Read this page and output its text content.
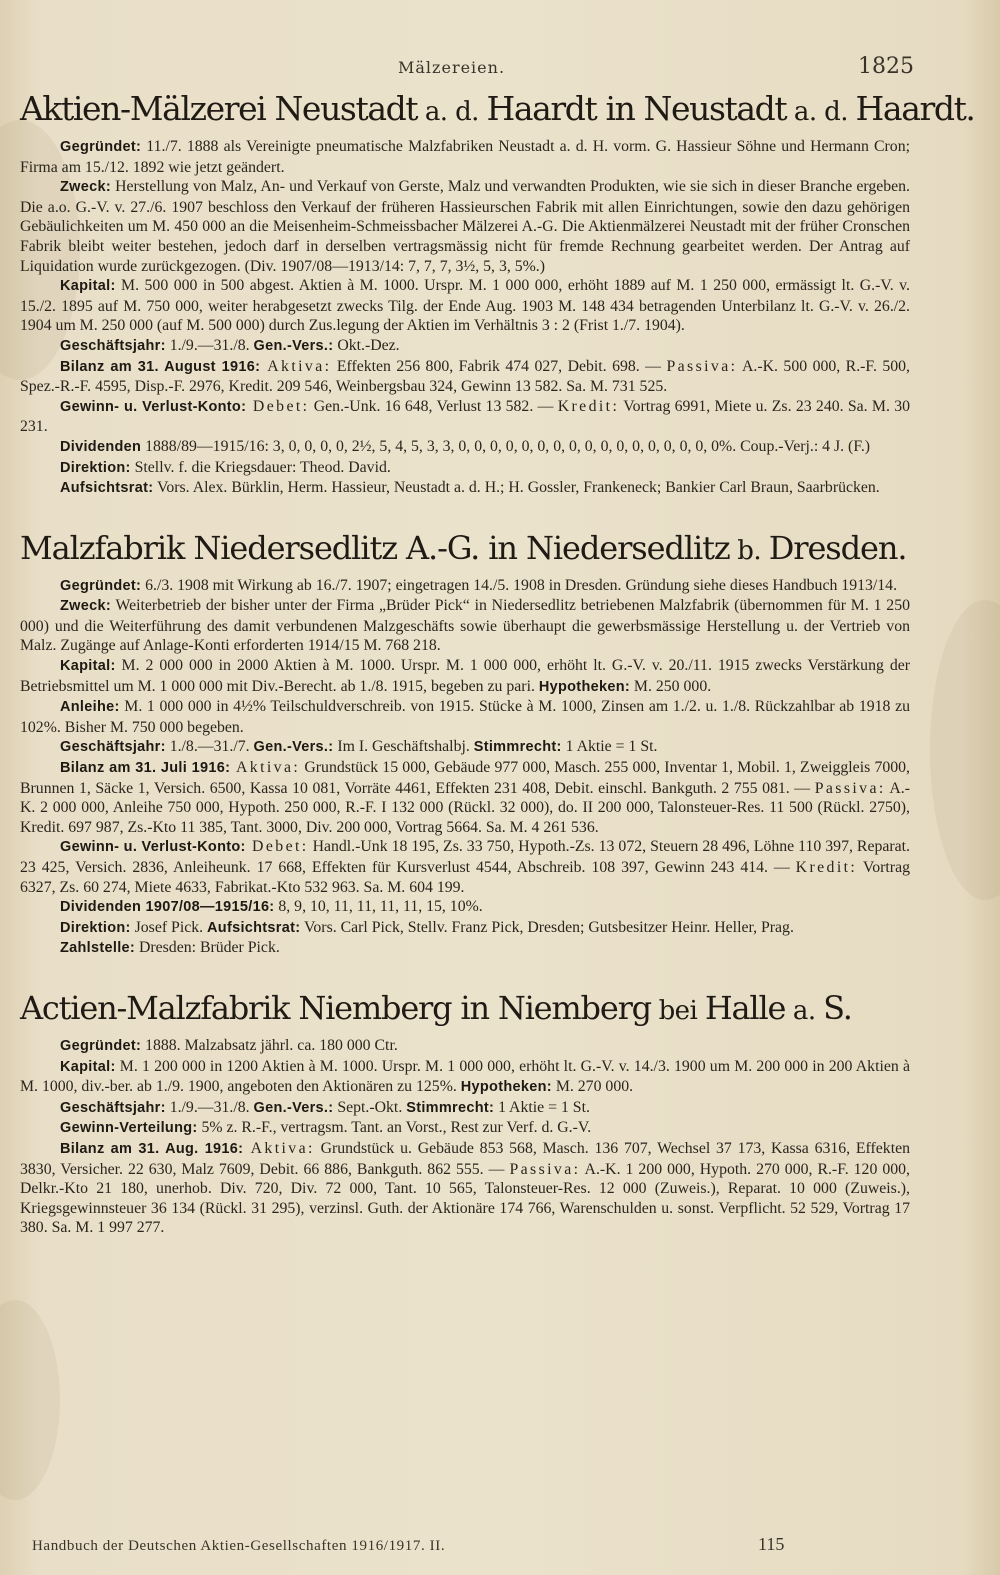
Mälzereien.	1825
Aktien-Mälzerei Neustadt a. d. Haardt in Neustadt a. d. Haardt.

Gegründet: 11./7. 1888 als Vereinigte pneumatische Malzfabriken Neustadt a. d. H. vorm. G. Hassieur Söhne und Hermann Cron; Firma am 15./12. 1892 wie jetzt geändert.

Zweck: Herstellung von Malz, An- und Verkauf von Gerste, Malz und verwandten Produkten, wie sie sich in dieser Branche ergeben. Die a.o. G.-V. v. 27./6. 1907 beschloss den Verkauf der früheren Hassieurschen Fabrik mit allen Einrichtungen, sowie den dazu gehörigen Gebäulichkeiten um M. 450 000 an die Meisenheim-Schmeissbacher Mälzerei A.-G. Die Aktienmälzerei Neustadt mit der früher Cronschen Fabrik bleibt weiter bestehen, jedoch darf in derselben vertragsmässig nicht für fremde Rechnung gearbeitet werden. Der Antrag auf Liquidation wurde zurückgezogen. (Div. 1907/08—1913/14: 7, 7, 7, 3½, 5, 3, 5%.)

Kapital: M. 500 000 in 500 abgest. Aktien à M. 1000. Urspr. M. 1 000 000, erhöht 1889 auf M. 1 250 000, ermässigt lt. G.-V. v. 15./2. 1895 auf M. 750 000, weiter herabgesetzt zwecks Tilg. der Ende Aug. 1903 M. 148 434 betragenden Unterbilanz lt. G.-V. v. 26./2. 1904 um M. 250 000 (auf M. 500 000) durch Zus.legung der Aktien im Verhältnis 3 : 2 (Frist 1./7. 1904).

Geschäftsjahr: 1./9.—31./8. Gen.-Vers.: Okt.-Dez.

Bilanz am 31. August 1916: Aktiva: Effekten 256 800, Fabrik 474 027, Debit. 698. — Passiva: A.-K. 500 000, R.-F. 500, Spez.-R.-F. 4595, Disp.-F. 2976, Kredit. 209 546, Weinbergsbau 324, Gewinn 13 582. Sa. M. 731 525.

Gewinn- u. Verlust-Konto: Debet: Gen.-Unk. 16 648, Verlust 13 582. — Kredit: Vortrag 6991, Miete u. Zs. 23 240. Sa. M. 30 231.

Dividenden 1888/89—1915/16: 3, 0, 0, 0, 0, 2½, 5, 4, 5, 3, 3, 0, 0, 0, 0, 0, 0, 0, 0, 0, 0, 0, 0, 0, 0, 0, 0, 0%. Coup.-Verj.: 4 J. (F.)

Direktion: Stellv. f. die Kriegsdauer: Theod. David.

Aufsichtsrat: Vors. Alex. Bürklin, Herm. Hassieur, Neustadt a. d. H.; H. Gossler, Frankeneck; Bankier Carl Braun, Saarbrücken.

Malzfabrik Niedersedlitz A.-G. in Niedersedlitz b. Dresden.

Gegründet: 6./3. 1908 mit Wirkung ab 16./7. 1907; eingetragen 14./5. 1908 in Dresden. Gründung siehe dieses Handbuch 1913/14.

Zweck: Weiterbetrieb der bisher unter der Firma „Brüder Pick“ in Niedersedlitz betriebenen Malzfabrik (übernommen für M. 1 250 000) und die Weiterführung des damit verbundenen Malzgeschäfts sowie überhaupt die gewerbsmässige Herstellung u. der Vertrieb von Malz. Zugänge auf Anlage-Konti erforderten 1914/15 M. 768 218.

Kapital: M. 2 000 000 in 2000 Aktien à M. 1000. Urspr. M. 1 000 000, erhöht lt. G.-V. v. 20./11. 1915 zwecks Verstärkung der Betriebsmittel um M. 1 000 000 mit Div.-Berecht. ab 1./8. 1915, begeben zu pari. Hypotheken: M. 250 000.

Anleihe: M. 1 000 000 in 4½% Teilschuldverschreib. von 1915. Stücke à M. 1000, Zinsen am 1./2. u. 1./8. Rückzahlbar ab 1918 zu 102%. Bisher M. 750 000 begeben.

Geschäftsjahr: 1./8.—31./7. Gen.-Vers.: Im I. Geschäftshalbj. Stimmrecht: 1 Aktie = 1 St.

Bilanz am 31. Juli 1916: Aktiva: Grundstück 15 000, Gebäude 977 000, Masch. 255 000, Inventar 1, Mobil. 1, Zweiggleis 7000, Brunnen 1, Säcke 1, Versich. 6500, Kassa 10 081, Vorräte 4461, Effekten 231 408, Debit. einschl. Bankguth. 2 755 081. — Passiva: A.-K. 2 000 000, Anleihe 750 000, Hypoth. 250 000, R.-F. I 132 000 (Rückl. 32 000), do. II 200 000, Talonsteuer-Res. 11 500 (Rückl. 2750), Kredit. 697 987, Zs.-Kto 11 385, Tant. 3000, Div. 200 000, Vortrag 5664. Sa. M. 4 261 536.

Gewinn- u. Verlust-Konto: Debet: Handl.-Unk 18 195, Zs. 33 750, Hypoth.-Zs. 13 072, Steuern 28 496, Löhne 110 397, Reparat. 23 425, Versich. 2836, Anleiheunk. 17 668, Effekten für Kursverlust 4544, Abschreib. 108 397, Gewinn 243 414. — Kredit: Vortrag 6327, Zs. 60 274, Miete 4633, Fabrikat.-Kto 532 963. Sa. M. 604 199.

Dividenden 1907/08—1915/16: 8, 9, 10, 11, 11, 11, 11, 15, 10%.

Direktion: Josef Pick. Aufsichtsrat: Vors. Carl Pick, Stellv. Franz Pick, Dresden; Gutsbesitzer Heinr. Heller, Prag.

Zahlstelle: Dresden: Brüder Pick.

Actien-Malzfabrik Niemberg in Niemberg bei Halle a. S.

Gegründet: 1888. Malzabsatz jährl. ca. 180 000 Ctr.

Kapital: M. 1 200 000 in 1200 Aktien à M. 1000. Urspr. M. 1 000 000, erhöht lt. G.-V. v. 14./3. 1900 um M. 200 000 in 200 Aktien à M. 1000, div.-ber. ab 1./9. 1900, angeboten den Aktionären zu 125%. Hypotheken: M. 270 000.

Geschäftsjahr: 1./9.—31./8. Gen.-Vers.: Sept.-Okt. Stimmrecht: 1 Aktie = 1 St.

Gewinn-Verteilung: 5% z. R.-F., vertragsm. Tant. an Vorst., Rest zur Verf. d. G.-V.

Bilanz am 31. Aug. 1916: Aktiva: Grundstück u. Gebäude 853 568, Masch. 136 707, Wechsel 37 173, Kassa 6316, Effekten 3830, Versicher. 22 630, Malz 7609, Debit. 66 886, Bankguth. 862 555. — Passiva: A.-K. 1 200 000, Hypoth. 270 000, R.-F. 120 000, Delkr.-Kto 21 180, unerhob. Div. 720, Div. 72 000, Tant. 10 565, Talonsteuer-Res. 12 000 (Zuweis.), Reparat. 10 000 (Zuweis.), Kriegsgewinnsteuer 36 134 (Rückl. 31 295), verzinsl. Guth. der Aktionäre 174 766, Warenschulden u. sonst. Verpflicht. 52 529, Vortrag 17 380. Sa. M. 1 997 277.

Handbuch der Deutschen Aktien-Gesellschaften 1916/1917. II.	115
